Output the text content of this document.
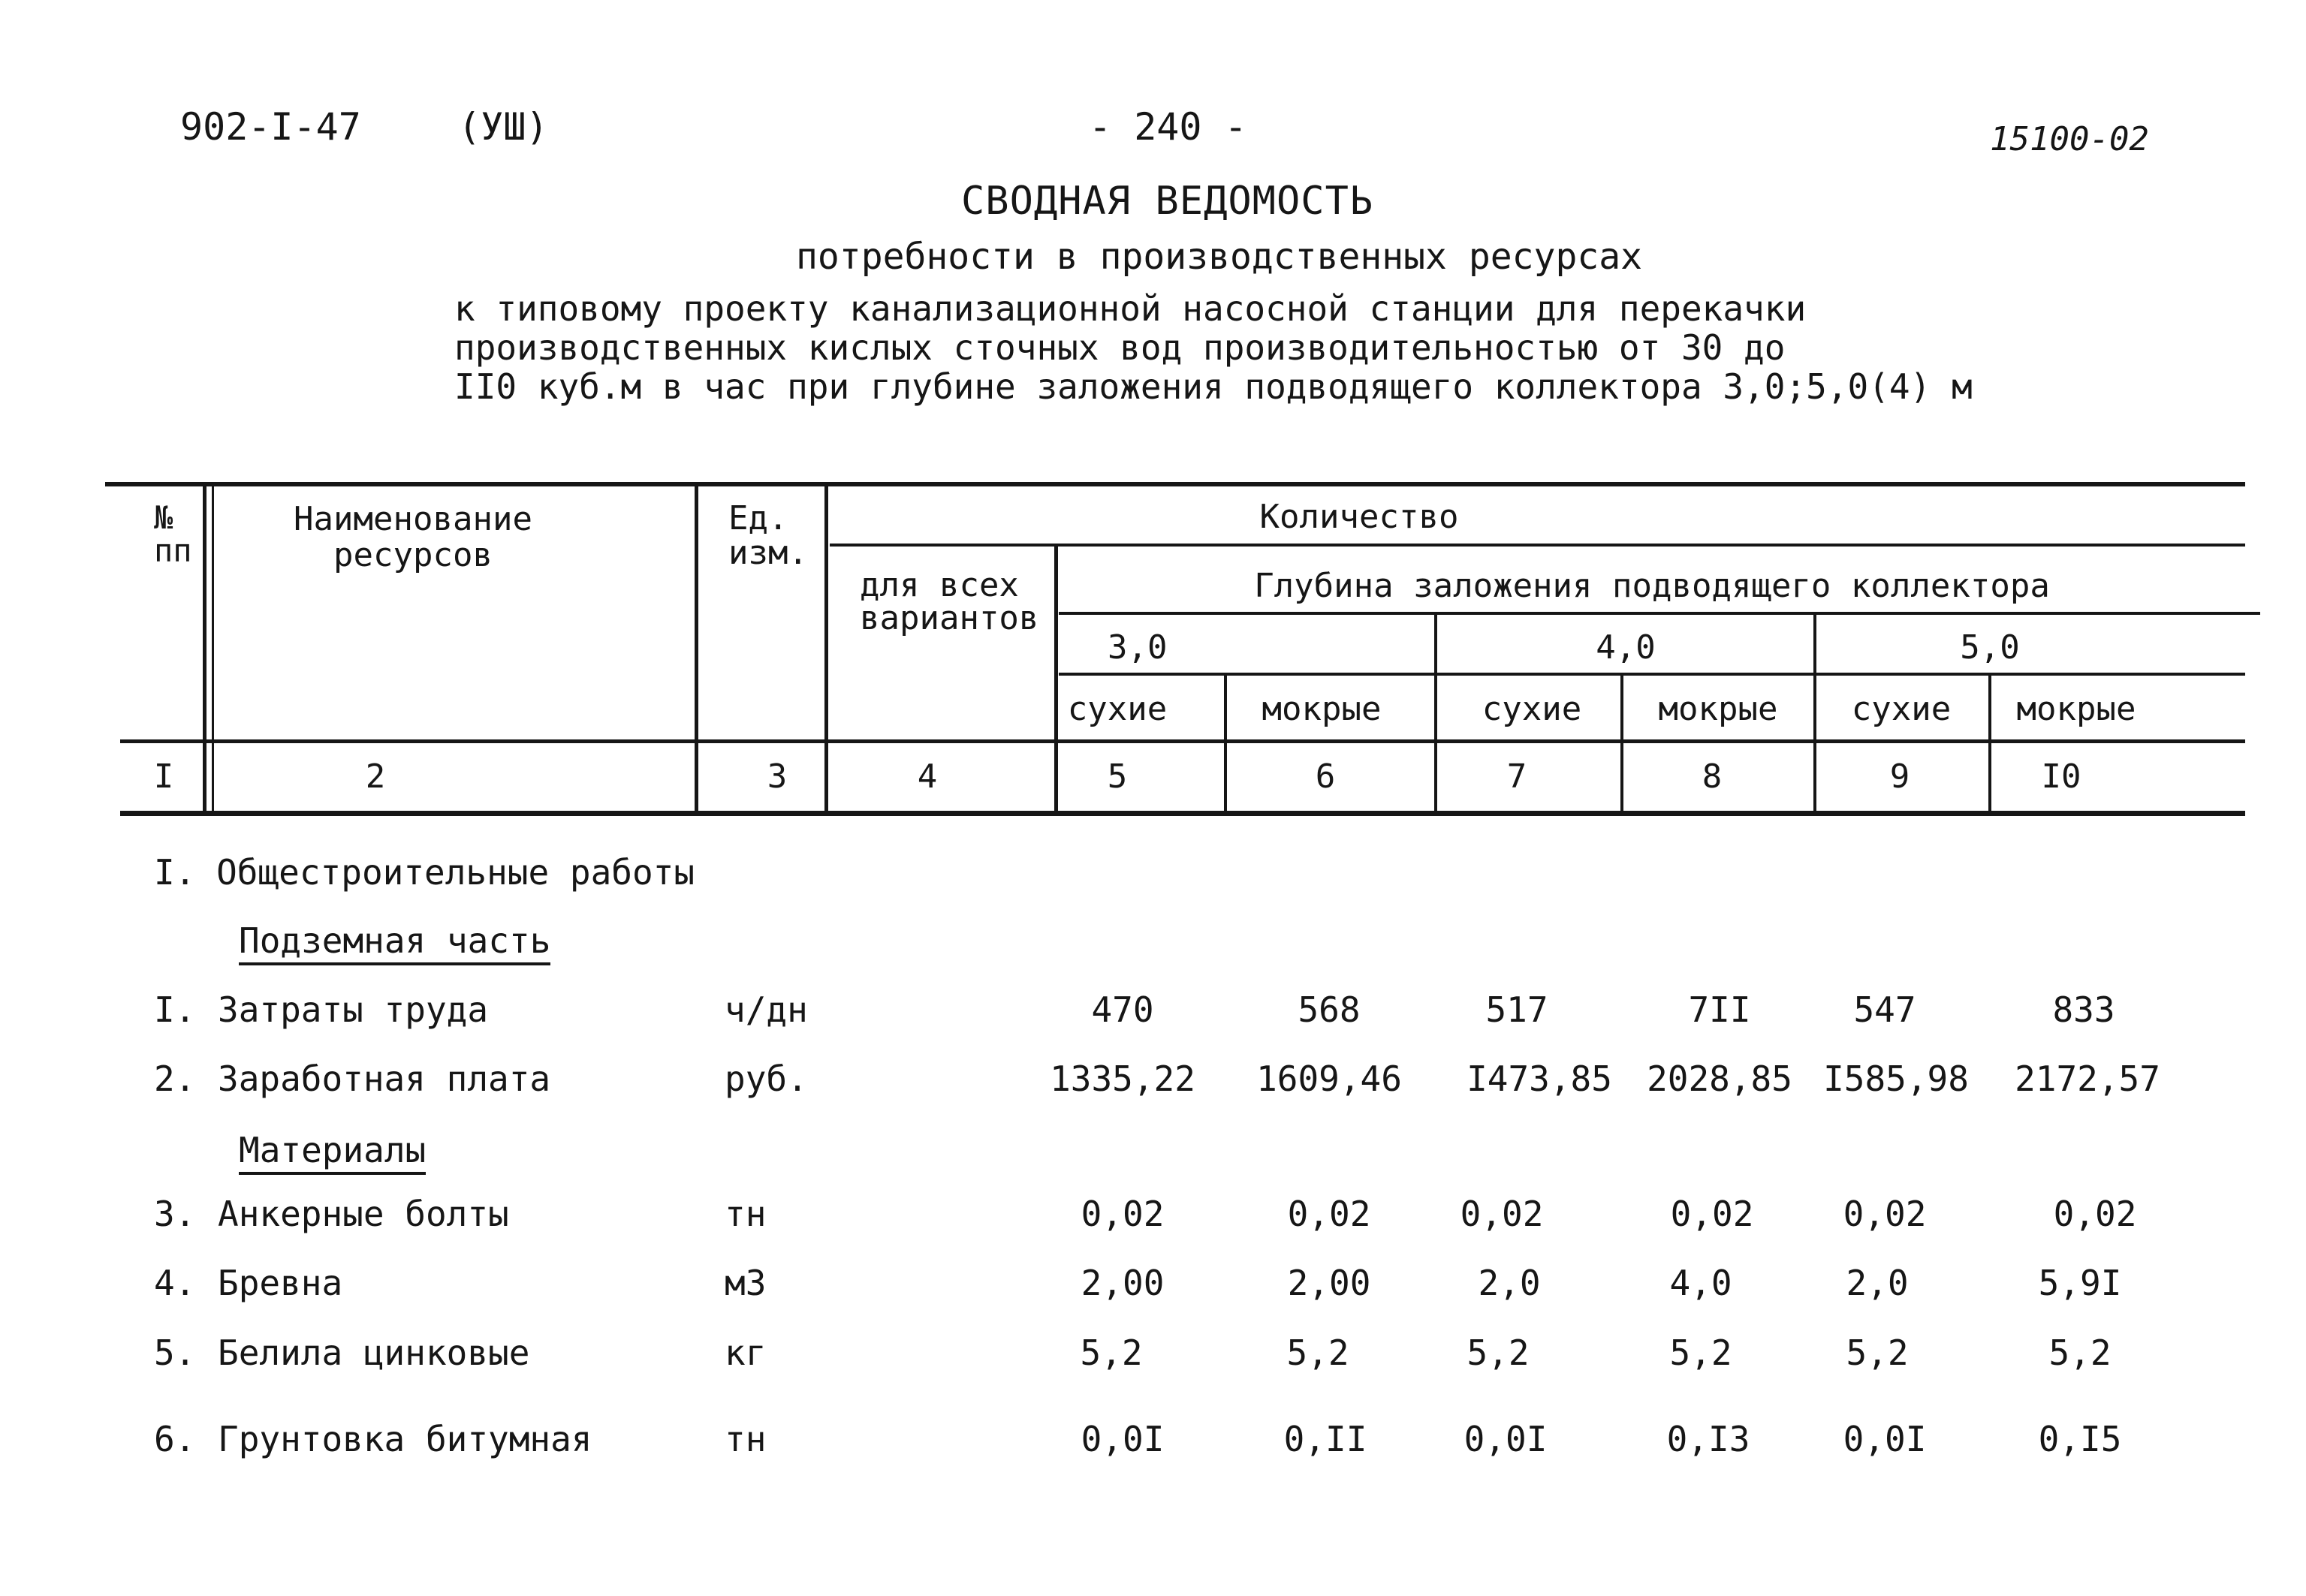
902-I-47	(УШ)	- 240 -	15100-02
СВОДНАЯ ВЕДОМОСТЬ
потребности в производственных ресурсах
к типовому проекту канализационной насосной станции для перекачки
производственных кислых сточных вод производительностью от 30 до
II0 куб.м в час при глубине заложения подводящего коллектора 3,0;5,0(4) м
№ пп
Наименование ресурсов
Ед. изм.
Количество
для всех вариантов
Глубина заложения подводящего коллектора
3,0	4,0	5,0
сухие	мокрые	сухие мокрые сухие мокрые
I	2	3	4	5	6	7	8	9	I0
I. Общестроительные работы
Подземная часть
Материалы
I. Затраты труда	ч/дн	470	568	517	7II	547	833
2. Заработная плата	руб.	1335,22 1609,46 I473,85 2028,85 I585,98 2172,57
3. Анкерные болты	тн	0,02	0,02	0,02	0,02	0,02	0,02
4. Бревна	м3	2,00	2,00	2,0	4,0	2,0	5,9I
5. Белила цинковые	кг	5,2	5,2	5,2	5,2	5,2	5,2
6. Грунтовка битумная	тн	0,0I	0,II	0,0I	0,I3	0,0I	0,I5
